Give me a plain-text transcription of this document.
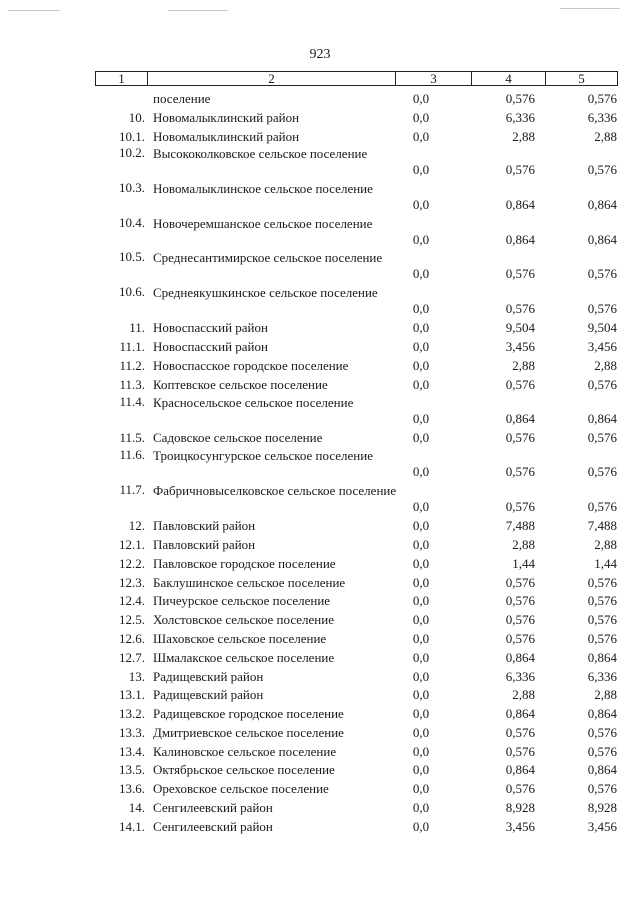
923
1	2	3	4	5
поселение	0,0	0,576	0,576
10. Новомалыклинский район	0,0	6,336	6,336
10.1. Новомалыклинский район	0,0	2,88	2,88
10.2. Высококолковское сельское поселение
0,0	0,576	0,576
10.3. Новомалыклинское сельское поселение
0,0	0,864	0,864
10.4. Новочеремшанское сельское поселение
0,0	0,864	0,864
10.5. Среднесантимирское сельское поселение
0,0	0,576	0,576
10.6. Среднеякушкинское сельское поселение
0,0	0,576	0,576
11. Новоспасский район	0,0	9,504	9,504
11.1. Новоспасский район	0,0	3,456	3,456
11.2. Новоспасское городское поселение	0,0	2,88	2,88
11.3. Коптевское сельское поселение	0,0	0,576	0,576
11.4. Красносельское сельское поселение
0,0	0,864	0,864
11.5. Садовское сельское поселение	0,0	0,576	0,576
11.6. Троицкосунгурское сельское поселение
0,0	0,576	0,576
11.7. Фабричновыселковское сельское поселение
0,0	0,576	0,576
12. Павловский район	0,0	7,488	7,488
12.1. Павловский район	0,0	2,88	2,88
12.2. Павловское городское поселение	0,0	1,44	1,44
12.3. Баклушинское сельское поселение	0,0	0,576	0,576
12.4. Пичеурское сельское поселение	0,0	0,576	0,576
12.5. Холстовское сельское поселение	0,0	0,576	0,576
12.6. Шаховское сельское поселение	0,0	0,576	0,576
12.7. Шмалакское сельское поселение	0,0	0,864	0,864
13. Радищевский район	0,0	6,336	6,336
13.1. Радищевский район	0,0	2,88	2,88
13.2. Радищевское городское поселение	0,0	0,864	0,864
13.3. Дмитриевское сельское поселение	0,0	0,576	0,576
13.4. Калиновское сельское поселение	0,0	0,576	0,576
13.5. Октябрьское сельское поселение	0,0	0,864	0,864
13.6. Ореховское сельское поселение	0,0	0,576	0,576
14. Сенгилеевский район	0,0	8,928	8,928
14.1. Сенгилеевский район	0,0	3,456	3,456
